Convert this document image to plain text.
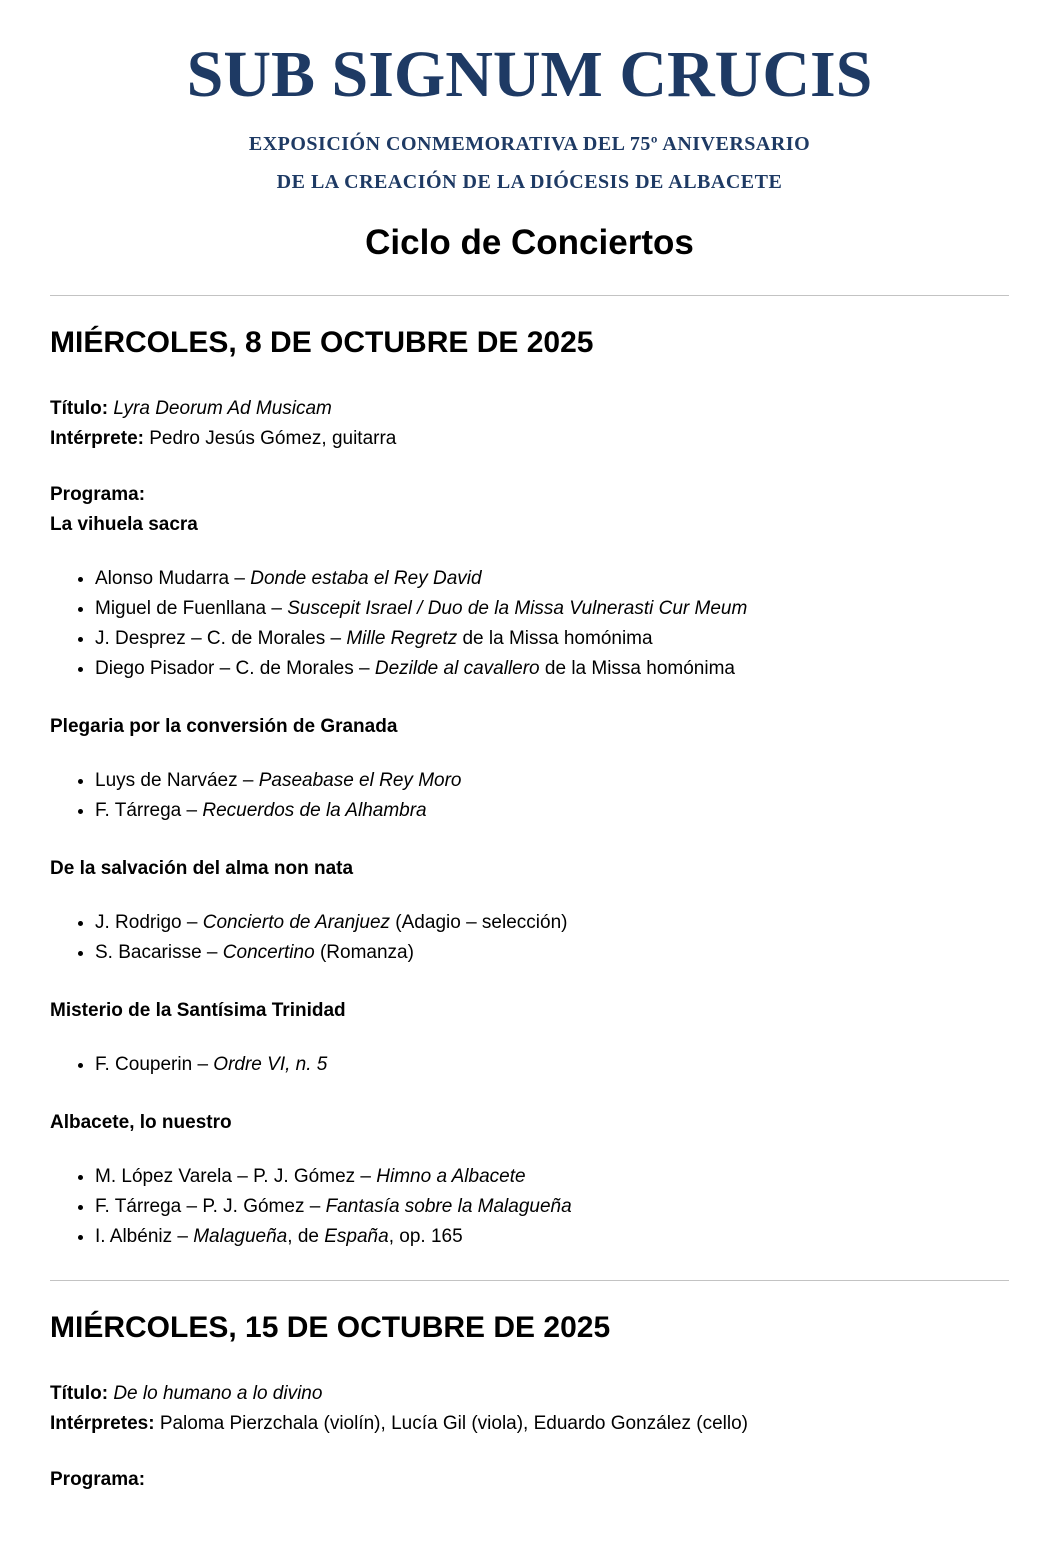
SUB SIGNUM CRUCIS

EXPOSICIÓN CONMEMORATIVA DEL 75º ANIVERSARIO

DE LA CREACIÓN DE LA DIÓCESIS DE ALBACETE

Ciclo de Conciertos
MIÉRCOLES, 8 DE OCTUBRE DE 2025

Título: Lyra Deorum Ad Musicam

Intérprete: Pedro Jesús Gómez, guitarra

Programa:

La vihuela sacra

• Alonso Mudarra – Donde estaba el Rey David
• Miguel de Fuenllana – Suscepit Israel / Duo de la Missa Vulnerasti Cur Meum
• J. Desprez – C. de Morales – Mille Regretz de la Missa homónima
• Diego Pisador – C. de Morales – Dezilde al cavallero de la Missa homónima

Plegaria por la conversión de Granada

• Luys de Narváez – Paseabase el Rey Moro
• F. Tárrega – Recuerdos de la Alhambra

De la salvación del alma non nata

• J. Rodrigo – Concierto de Aranjuez (Adagio – selección)
• S. Bacarisse – Concertino (Romanza)

Misterio de la Santísima Trinidad

• F. Couperin – Ordre VI, n. 5

Albacete, lo nuestro

• M. López Varela – P. J. Gómez – Himno a Albacete
• F. Tárrega – P. J. Gómez – Fantasía sobre la Malagueña
• I. Albéniz – Malagueña, de España, op. 165
MIÉRCOLES, 15 DE OCTUBRE DE 2025

Título: De lo humano a lo divino

Intérpretes: Paloma Pierzchala (violín), Lucía Gil (viola), Eduardo González (cello)

Programa:
